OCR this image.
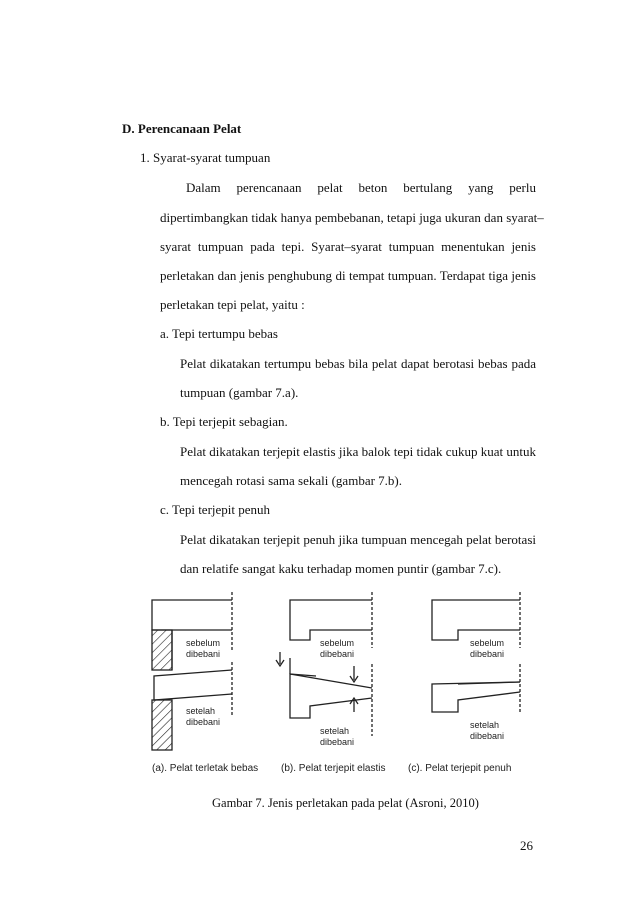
D. Perencanaan Pelat
1. Syarat-syarat tumpuan
Dalam perencanaan pelat beton bertulang yang perlu
dipertimbangkan tidak hanya pembebanan, tetapi juga ukuran dan syarat–
syarat tumpuan pada tepi. Syarat–syarat tumpuan menentukan jenis
perletakan dan jenis penghubung di tempat tumpuan. Terdapat tiga jenis
perletakan tepi pelat, yaitu :
a. Tepi tertumpu bebas
Pelat dikatakan tertumpu bebas bila pelat dapat berotasi bebas pada
tumpuan (gambar 7.a).
b. Tepi terjepit sebagian.
Pelat dikatakan terjepit elastis jika balok tepi tidak cukup kuat untuk
mencegah rotasi sama sekali (gambar 7.b).
c. Tepi terjepit penuh
Pelat dikatakan terjepit penuh jika tumpuan mencegah pelat berotasi
dan relatife sangat kaku terhadap momen puntir (gambar 7.c).
sebelum
dibebani
setelah
dibebani
sebelum
dibebani
setelah
dibebani
sebelum
dibebani
setelah
dibebani
(a). Pelat terletak bebas (b). Pelat terjepit elastis (c). Pelat terjepit penuh
Gambar 7. Jenis perletakan pada pelat (Asroni, 2010)
26
